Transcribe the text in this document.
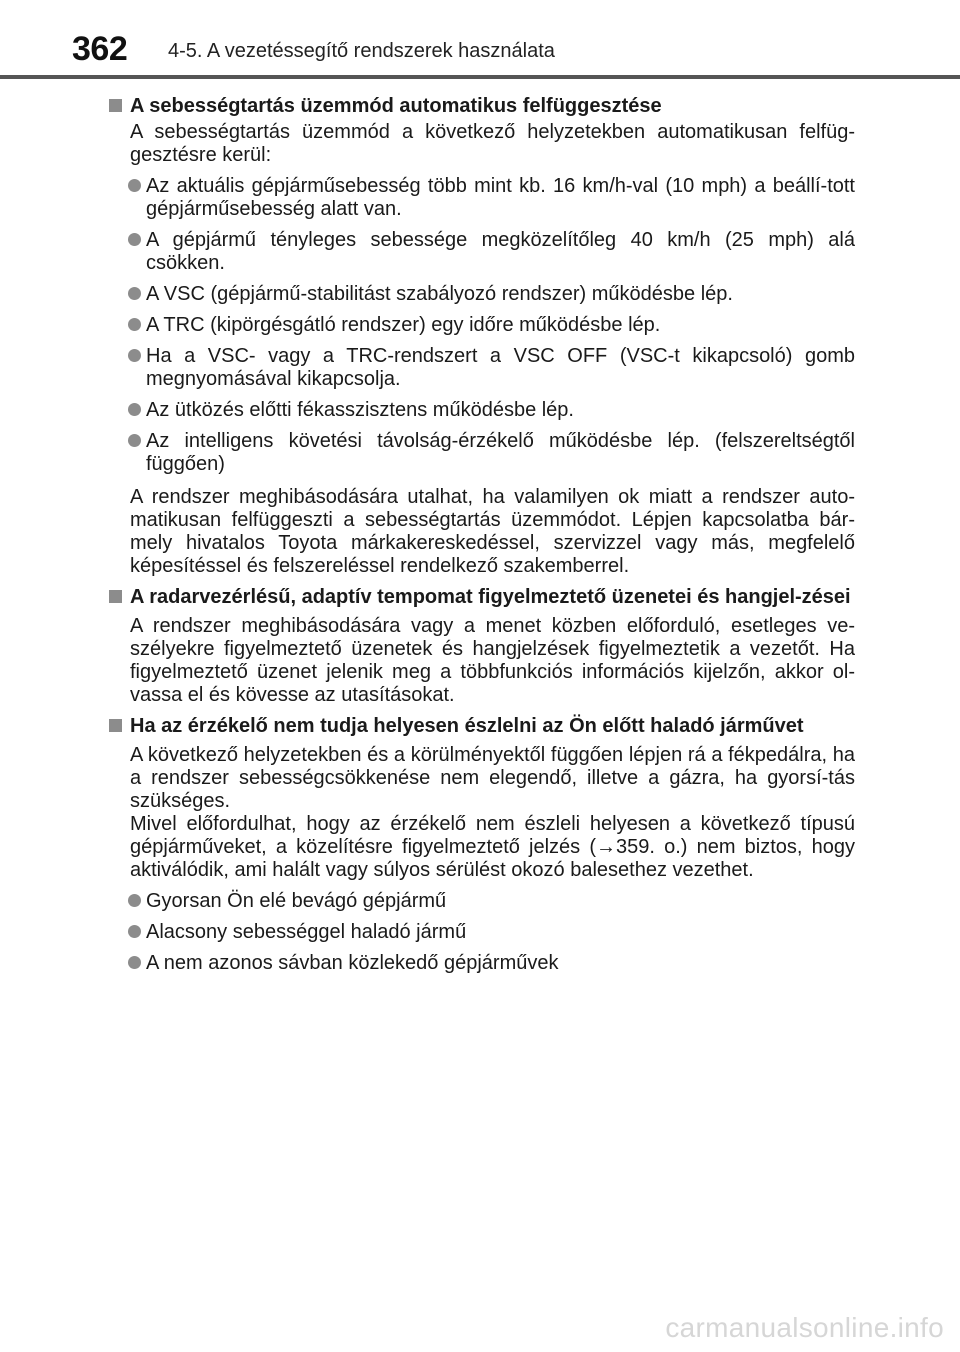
362 4-5. A vezetéssegítő rendszerek használata
A sebességtartás üzemmód automatikus felfüggesztése
A sebességtartás üzemmód a következő helyzetekben automatikusan felfüg-gesztésre kerül:
Az aktuális gépjárműsebesség több mint kb. 16 km/h-val (10 mph) a beállí-tott gépjárműsebesség alatt van.
A gépjármű tényleges sebessége megközelítőleg 40 km/h (25 mph) alá csökken.
A VSC (gépjármű-stabilitást szabályozó rendszer) működésbe lép.
A TRC (kipörgésgátló rendszer) egy időre működésbe lép.
Ha a VSC- vagy a TRC-rendszert a VSC OFF (VSC-t kikapcsoló) gomb megnyomásával kikapcsolja.
Az ütközés előtti fékasszisztens működésbe lép.
Az intelligens követési távolság-érzékelő működésbe lép. (felszereltségtől függően)
A rendszer meghibásodására utalhat, ha valamilyen ok miatt a rendszer auto-matikusan felfüggeszti a sebességtartás üzemmódot. Lépjen kapcsolatba bár-mely hivatalos Toyota márkakereskedéssel, szervizzel vagy más, megfelelő képesítéssel és felszereléssel rendelkező szakemberrel.
A radarvezérlésű, adaptív tempomat figyelmeztető üzenetei és hangjel-zései
A rendszer meghibásodására vagy a menet közben előforduló, esetleges ve-szélyekre figyelmeztető üzenetek és hangjelzések figyelmeztetik a vezetőt. Ha figyelmeztető üzenet jelenik meg a többfunkciós információs kijelzőn, akkor ol-vassa el és kövesse az utasításokat.
Ha az érzékelő nem tudja helyesen észlelni az Ön előtt haladó járművet
A következő helyzetekben és a körülményektől függően lépjen rá a fékpedálra, ha a rendszer sebességcsökkenése nem elegendő, illetve a gázra, ha gyorsí-tás szükséges.
Mivel előfordulhat, hogy az érzékelő nem észleli helyesen a következő típusú gépjárműveket, a közelítésre figyelmeztető jelzés (→359. o.) nem biztos, hogy aktiválódik, ami halált vagy súlyos sérülést okozó balesethez vezethet.
Gyorsan Ön elé bevágó gépjármű
Alacsony sebességgel haladó jármű
A nem azonos sávban közlekedő gépjárművek
carmanualsonline.info
